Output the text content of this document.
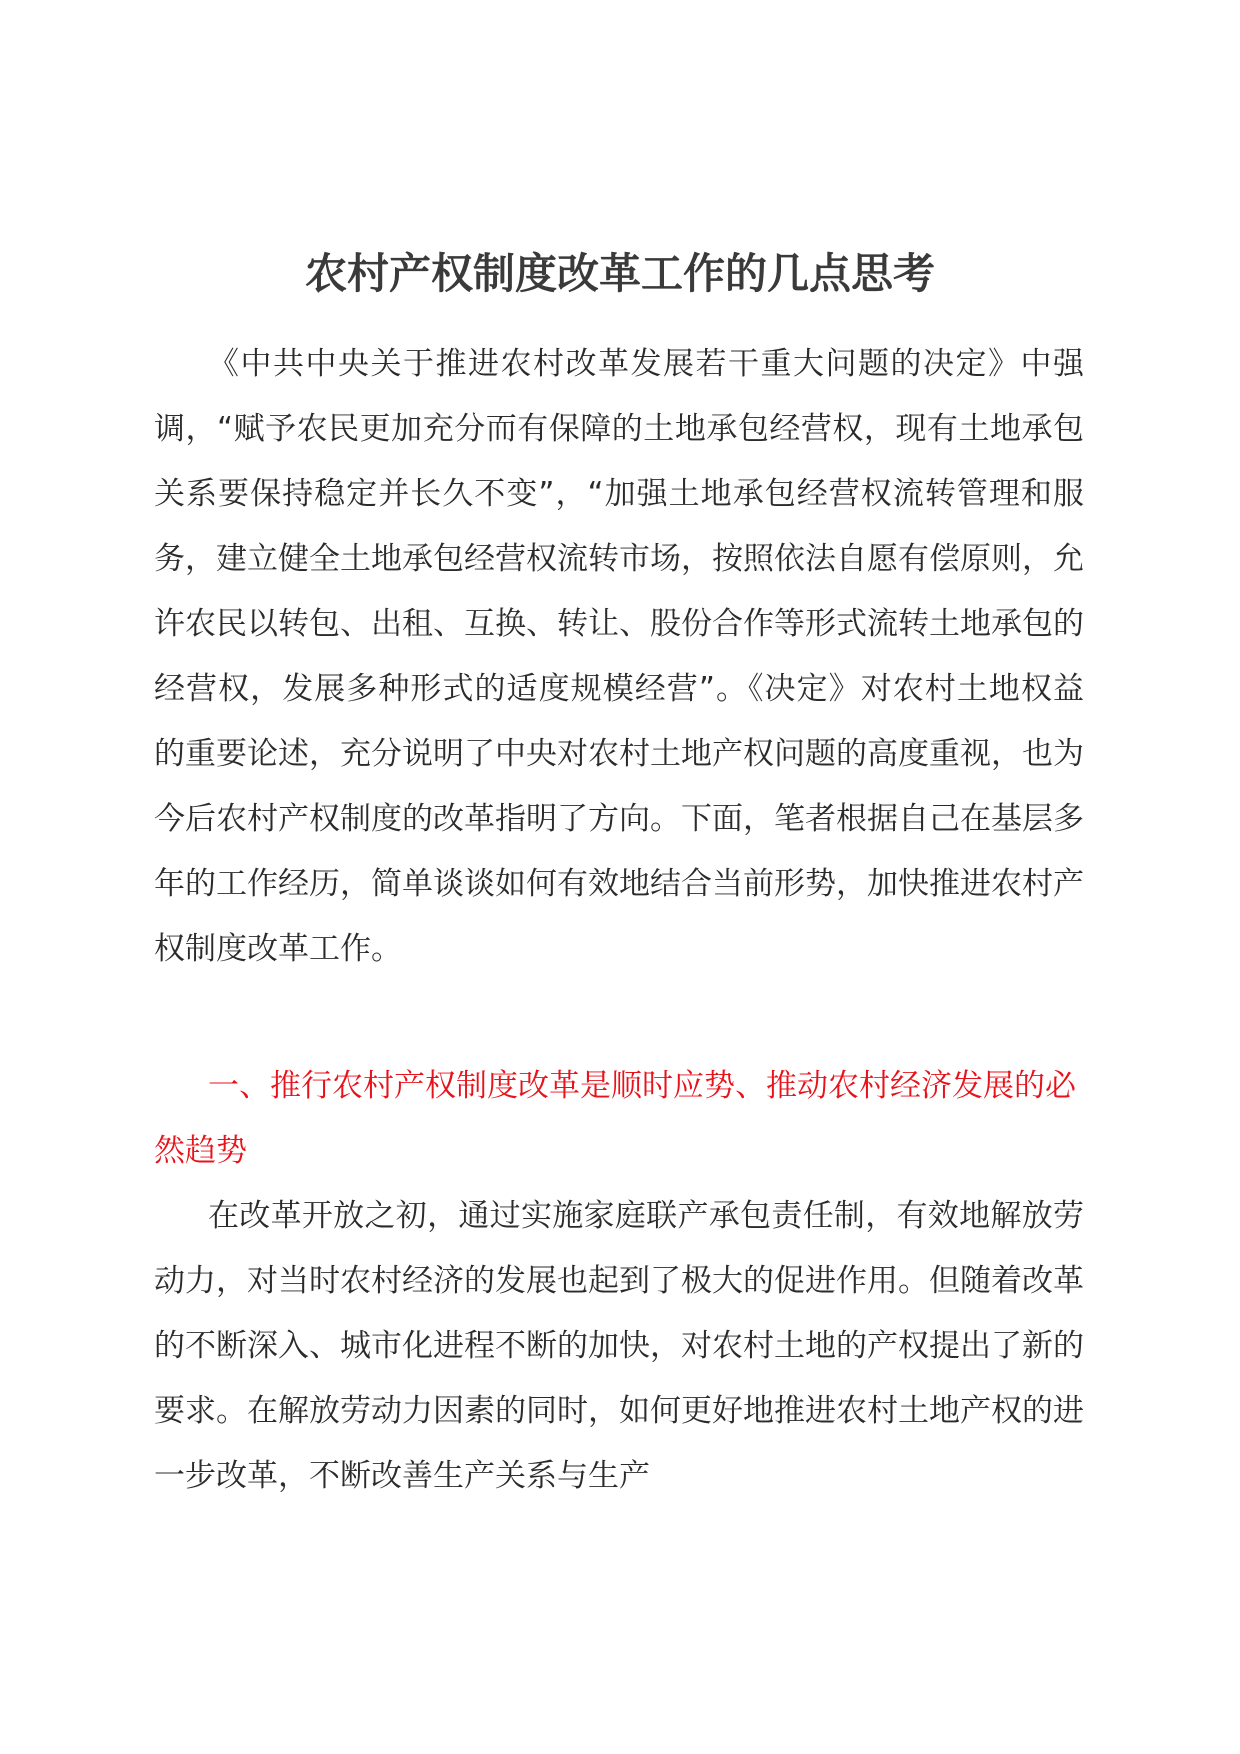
农村产权制度改革工作的几点思考

《中共中央关于推进农村改革发展若干重大问题的决定》中强调，“赋予农民更加充分而有保障的土地承包经营权，现有土地承包关系要保持稳定并长久不变”，“加强土地承包经营权流转管理和服务，建立健全土地承包经营权流转市场，按照依法自愿有偿原则，允许农民以转包、出租、互换、转让、股份合作等形式流转土地承包的经营权，发展多种形式的适度规模经营”。《决定》对农村土地权益的重要论述，充分说明了中央对农村土地产权问题的高度重视，也为今后农村产权制度的改革指明了方向。下面，笔者根据自己在基层多年的工作经历，简单谈谈如何有效地结合当前形势，加快推进农村产权制度改革工作。

一、推行农村产权制度改革是顺时应势、推动农村经济发展的必然趋势

在改革开放之初，通过实施家庭联产承包责任制，有效地解放劳动力，对当时农村经济的发展也起到了极大的促进作用。但随着改革的不断深入、城市化进程不断的加快，对农村土地的产权提出了新的要求。在解放劳动力因素的同时，如何更好地推进农村土地产权的进一步改革，不断改善生产关系与生产
